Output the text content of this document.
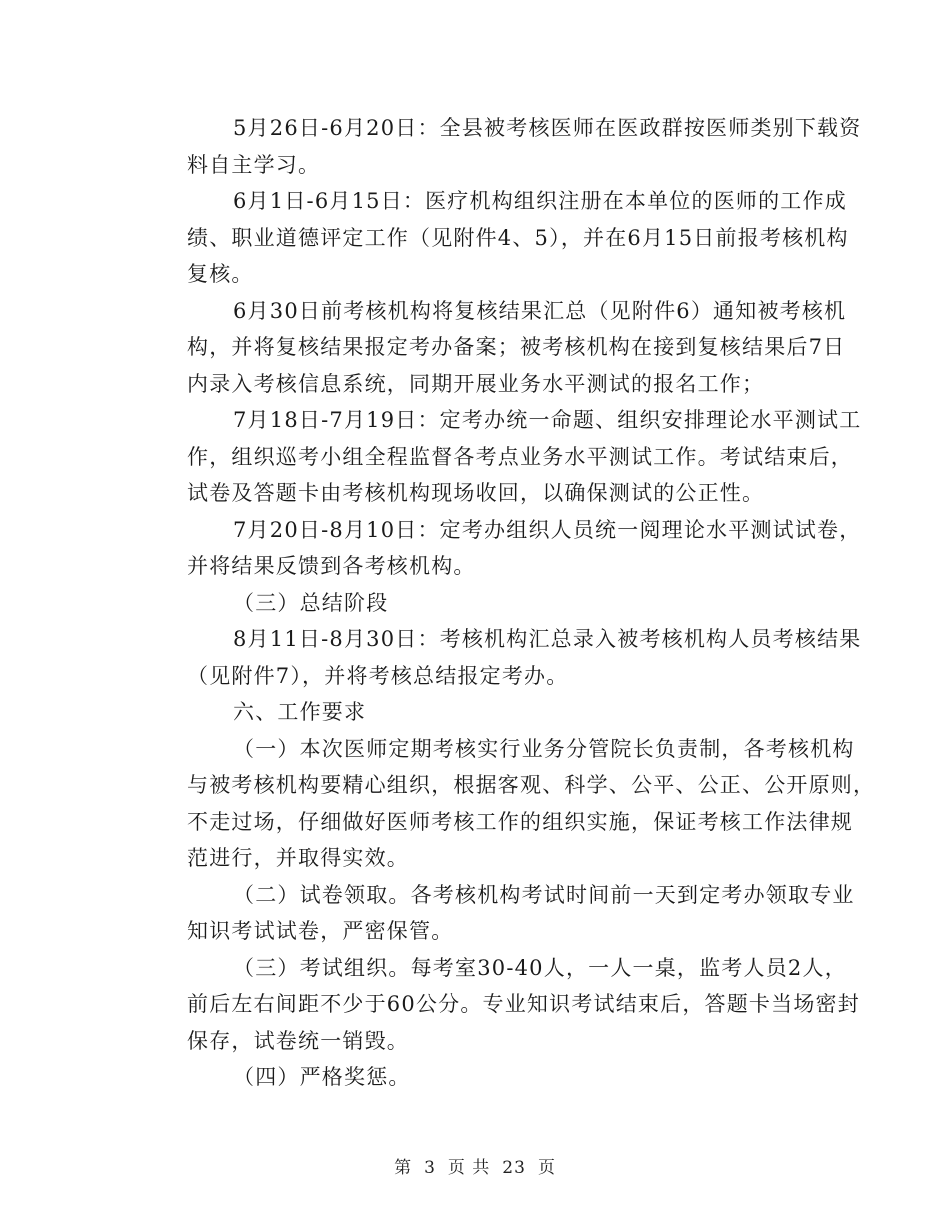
5月26日-6月20日：全县被考核医师在医政群按医师类别下载资
料自主学习。

6月1日-6月15日：医疗机构组织注册在本单位的医师的工作成
绩、职业道德评定工作（见附件4、5），并在6月15日前报考核机构
复核。

6月30日前考核机构将复核结果汇总（见附件6）通知被考核机
构，并将复核结果报定考办备案；被考核机构在接到复核结果后7日
内录入考核信息系统，同期开展业务水平测试的报名工作；

7月18日-7月19日：定考办统一命题、组织安排理论水平测试工
作，组织巡考小组全程监督各考点业务水平测试工作。考试结束后，
试卷及答题卡由考核机构现场收回，以确保测试的公正性。

7月20日-8月10日：定考办组织人员统一阅理论水平测试试卷，
并将结果反馈到各考核机构。

（三）总结阶段

8月11日-8月30日：考核机构汇总录入被考核机构人员考核结果
（见附件7），并将考核总结报定考办。

六、工作要求

（一）本次医师定期考核实行业务分管院长负责制，各考核机构
与被考核机构要精心组织，根据客观、科学、公平、公正、公开原则，
不走过场，仔细做好医师考核工作的组织实施，保证考核工作法律规
范进行，并取得实效。

（二）试卷领取。各考核机构考试时间前一天到定考办领取专业
知识考试试卷，严密保管。

（三）考试组织。每考室30-40人，一人一桌，监考人员2人，
前后左右间距不少于60公分。专业知识考试结束后，答题卡当场密封
保存，试卷统一销毁。

（四）严格奖惩。

第 3 页 共 23 页
